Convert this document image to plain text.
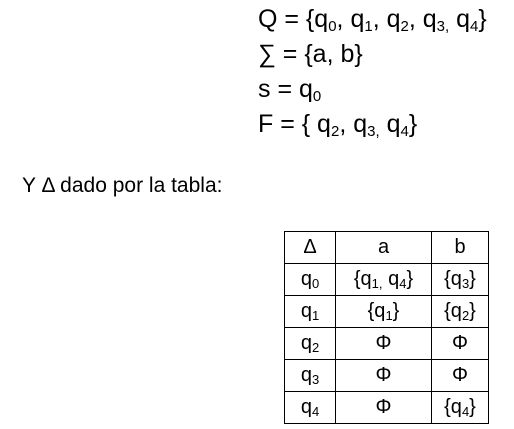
$Q = \{q_0$, $q_1$, $q_2$, $q_{3,}$ $q_4$}
∑ = {a, b}
$s = q_0$
F = { $q_2$, $q_{3,}$ $q_4$}
Y Δ dado por la tabla:
Δ	a	b
$q_0$	{$q_{1,}$ $q_4$}	$\{q_3\}$
$q_1$	$\{q_1\}$	$\{q_2\}$
$q_2$	Φ	Φ
$q_3$	Φ	Φ
$q_4$	Φ	$\{q_4\}$
